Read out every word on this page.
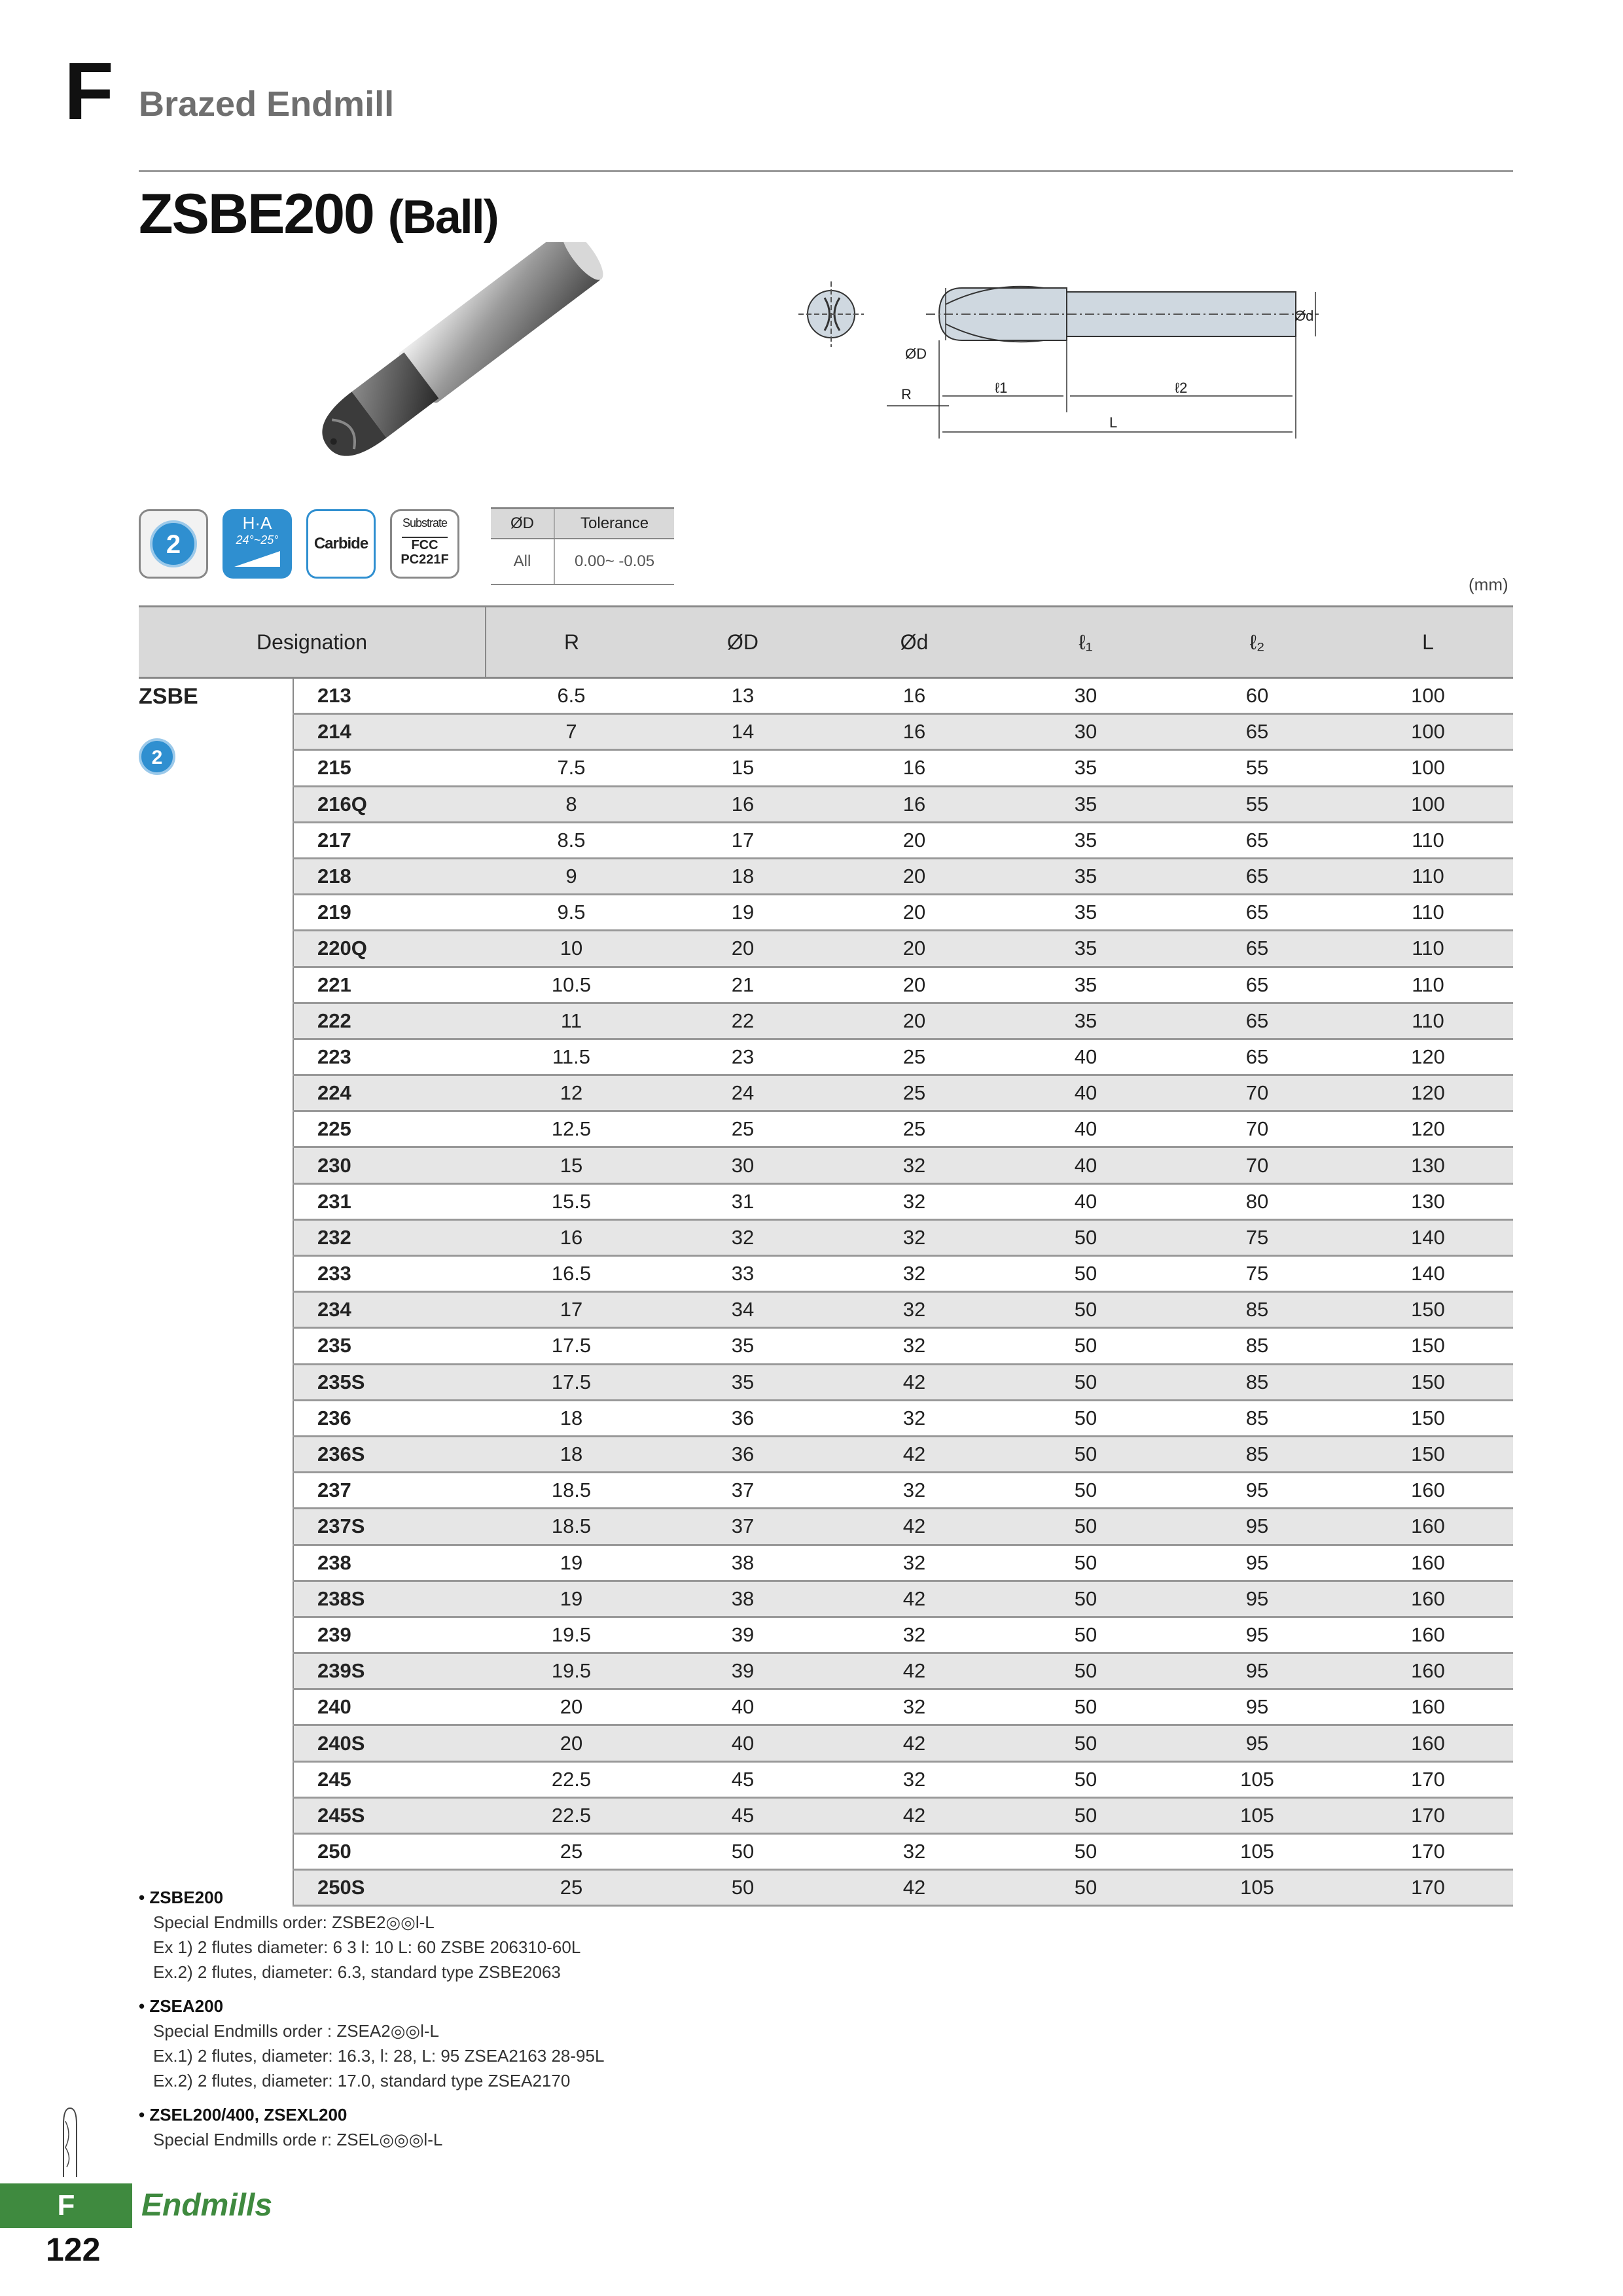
F Brazed Endmill
ZSBE200 (Ball)
ØD
Ød
R	ℓ1	ℓ2
L
2
H·A
24°~25°	Carbide
Substrate
FCC
PC221F
ØD	Tolerance
All	0.00~ -0.05
(mm)
Designation		R	ØD	Ød	ℓ₁	ℓ₂	L
ZSBE	213	6.5	13	16	30	60	100
	214	7	14	16	30	65	100
	215	7.5	15	16	35	55	100
	216Q	8	16	16	35	55	100
	217	8.5	17	20	35	65	110
	218	9	18	20	35	65	110
	219	9.5	19	20	35	65	110
	220Q	10	20	20	35	65	110
	221	10.5	21	20	35	65	110
	222	11	22	20	35	65	110
	223	11.5	23	25	40	65	120
	224	12	24	25	40	70	120
	225	12.5	25	25	40	70	120
	230	15	30	32	40	70	130
	231	15.5	31	32	40	80	130
	232	16	32	32	50	75	140
	233	16.5	33	32	50	75	140
	234	17	34	32	50	85	150
	235	17.5	35	32	50	85	150
	235S	17.5	35	42	50	85	150
	236	18	36	32	50	85	150
	236S	18	36	42	50	85	150
	237	18.5	37	32	50	95	160
	237S	18.5	37	42	50	95	160
	238	19	38	32	50	95	160
	238S	19	38	42	50	95	160
	239	19.5	39	32	50	95	160
	239S	19.5	39	42	50	95	160
	240	20	40	32	50	95	160
	240S	20	40	42	50	95	160
	245	22.5	45	32	50	105	170
	245S	22.5	45	42	50	105	170
	250	25	50	32	50	105	170
	250S	25	50	42	50	105	170
2
• ZSBE200
Special Endmills order: ZSBE2◎◎l-L
Ex 1) 2 flutes diameter: 6 3 l: 10 L: 60 ZSBE 206310-60L
Ex.2) 2 flutes, diameter: 6.3, standard type ZSBE2063
• ZSEA200
Special Endmills order : ZSEA2◎◎l-L
Ex.1) 2 flutes, diameter: 16.3, l: 28, L: 95 ZSEA2163 28-95L
Ex.2) 2 flutes, diameter: 17.0, standard type ZSEA2170
• ZSEL200/400, ZSEXL200
Special Endmills orde r: ZSEL◎◎◎l-L
F	Endmills
122
